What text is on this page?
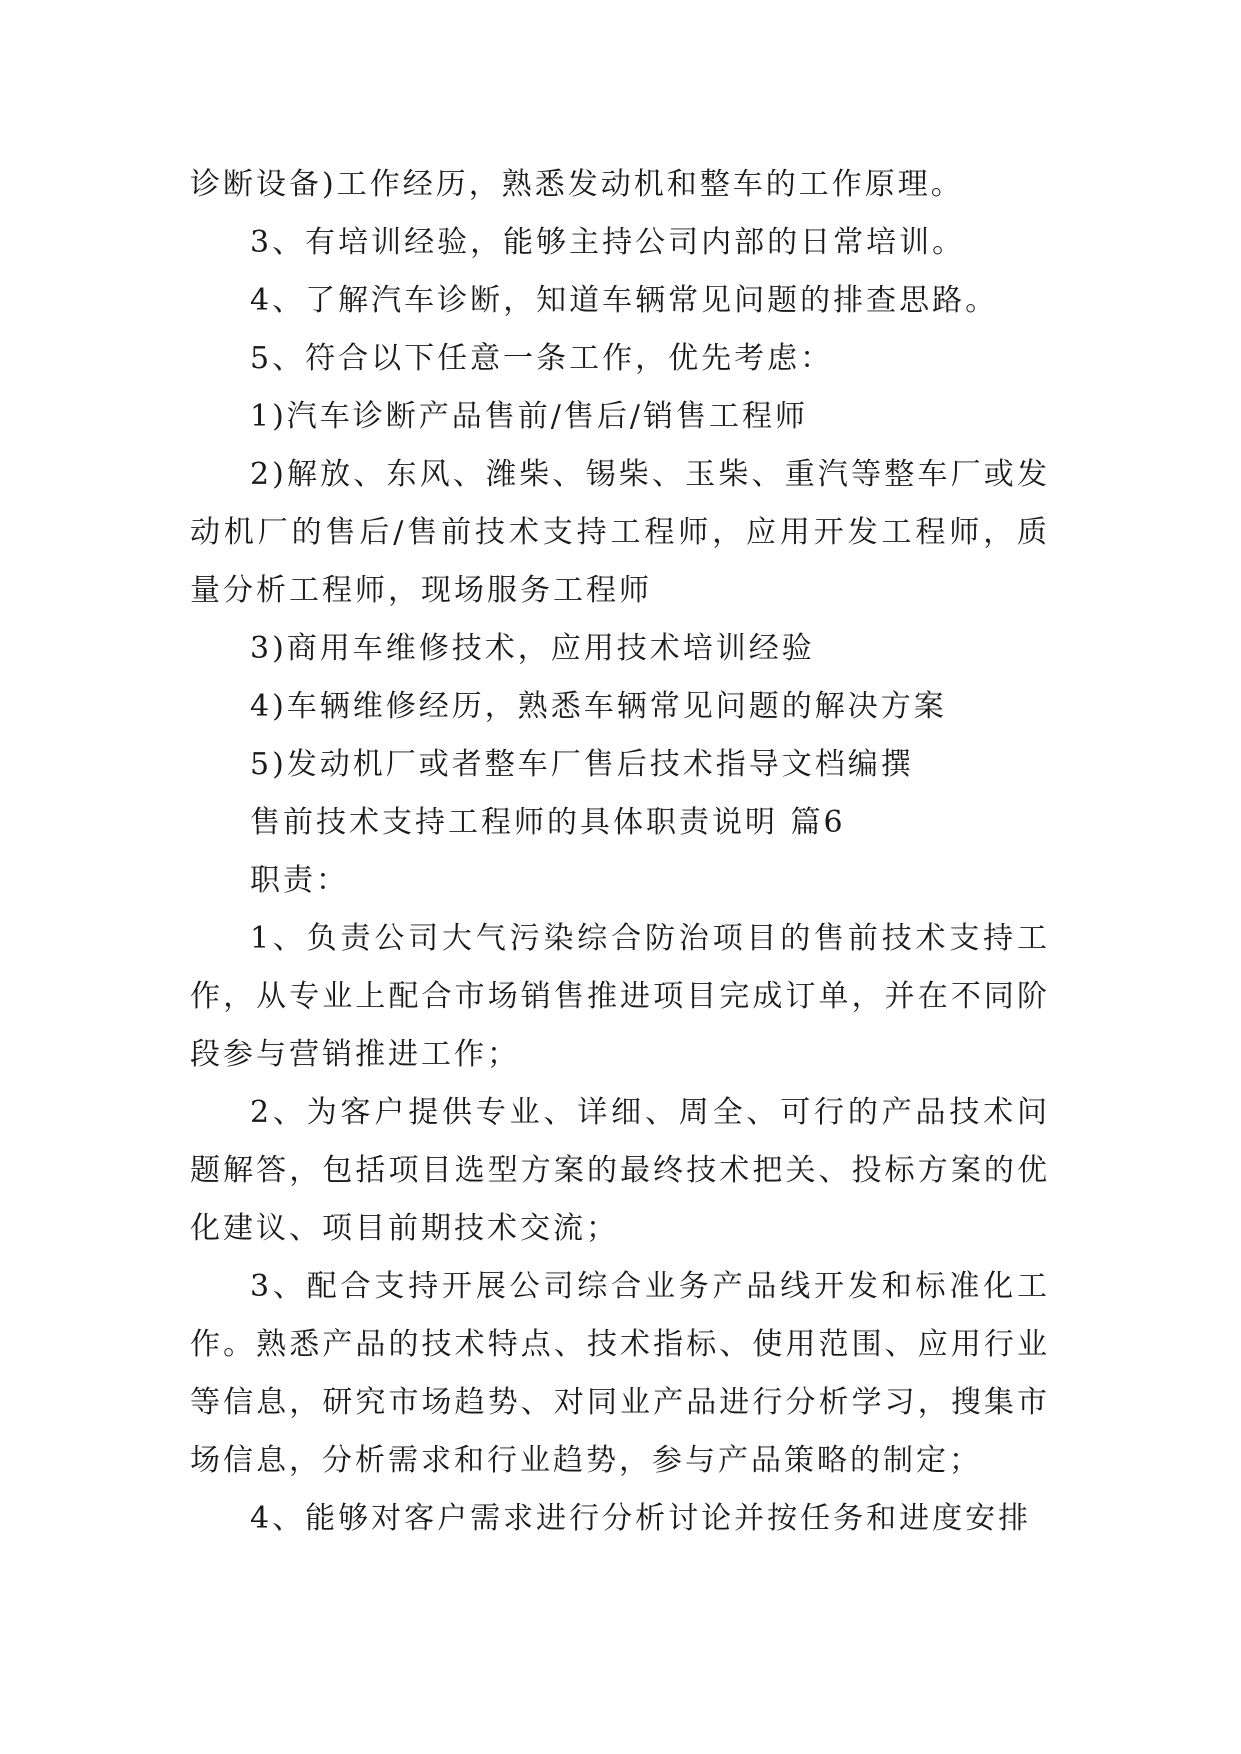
诊断设备)工作经历，熟悉发动机和整车的工作原理。

3、有培训经验，能够主持公司内部的日常培训。

4、了解汽车诊断，知道车辆常见问题的排查思路。

5、符合以下任意一条工作，优先考虑：

1)汽车诊断产品售前/售后/销售工程师

2)解放、东风、潍柴、锡柴、玉柴、重汽等整车厂或发动机厂的售后/售前技术支持工程师，应用开发工程师，质量分析工程师，现场服务工程师

3)商用车维修技术，应用技术培训经验

4)车辆维修经历，熟悉车辆常见问题的解决方案

5)发动机厂或者整车厂售后技术指导文档编撰

售前技术支持工程师的具体职责说明 篇6

职责：

1、负责公司大气污染综合防治项目的售前技术支持工作，从专业上配合市场销售推进项目完成订单，并在不同阶段参与营销推进工作；

2、为客户提供专业、详细、周全、可行的产品技术问题解答，包括项目选型方案的最终技术把关、投标方案的优化建议、项目前期技术交流；

3、配合支持开展公司综合业务产品线开发和标准化工作。熟悉产品的技术特点、技术指标、使用范围、应用行业等信息，研究市场趋势、对同业产品进行分析学习，搜集市场信息，分析需求和行业趋势，参与产品策略的制定；

4、能够对客户需求进行分析讨论并按任务和进度安排
